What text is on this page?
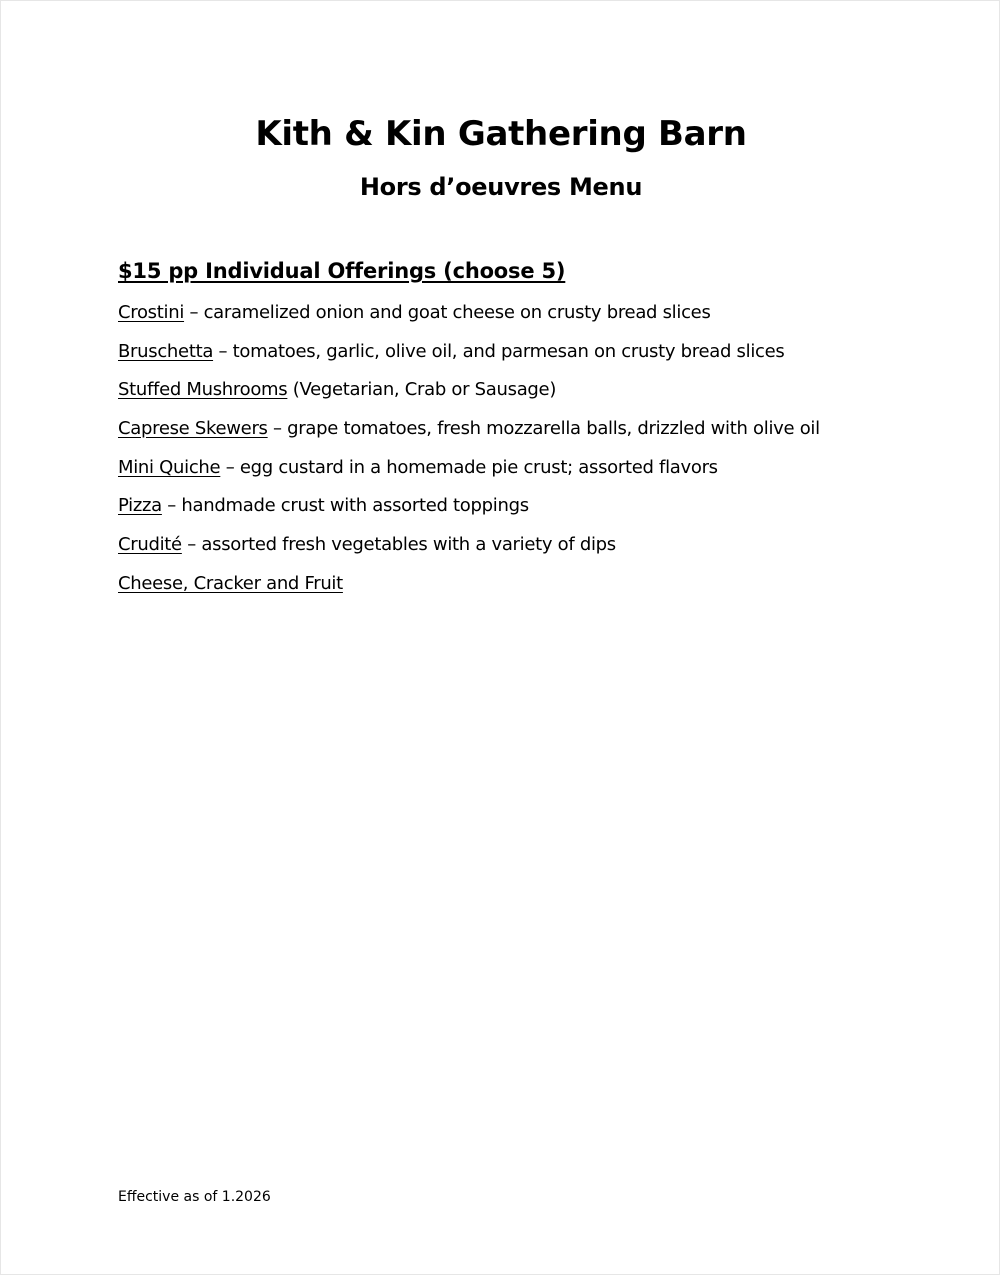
Kith & Kin Gathering Barn
Hors d’oeuvres Menu
$15 pp Individual Offerings (choose 5)
Crostini – caramelized onion and goat cheese on crusty bread slices
Bruschetta – tomatoes, garlic, olive oil, and parmesan on crusty bread slices
Stuffed Mushrooms (Vegetarian, Crab or Sausage)
Caprese Skewers – grape tomatoes, fresh mozzarella balls, drizzled with olive oil
Mini Quiche – egg custard in a homemade pie crust; assorted flavors
Pizza – handmade crust with assorted toppings
Crudité – assorted fresh vegetables with a variety of dips
Cheese, Cracker and Fruit
Effective as of 1.2026
